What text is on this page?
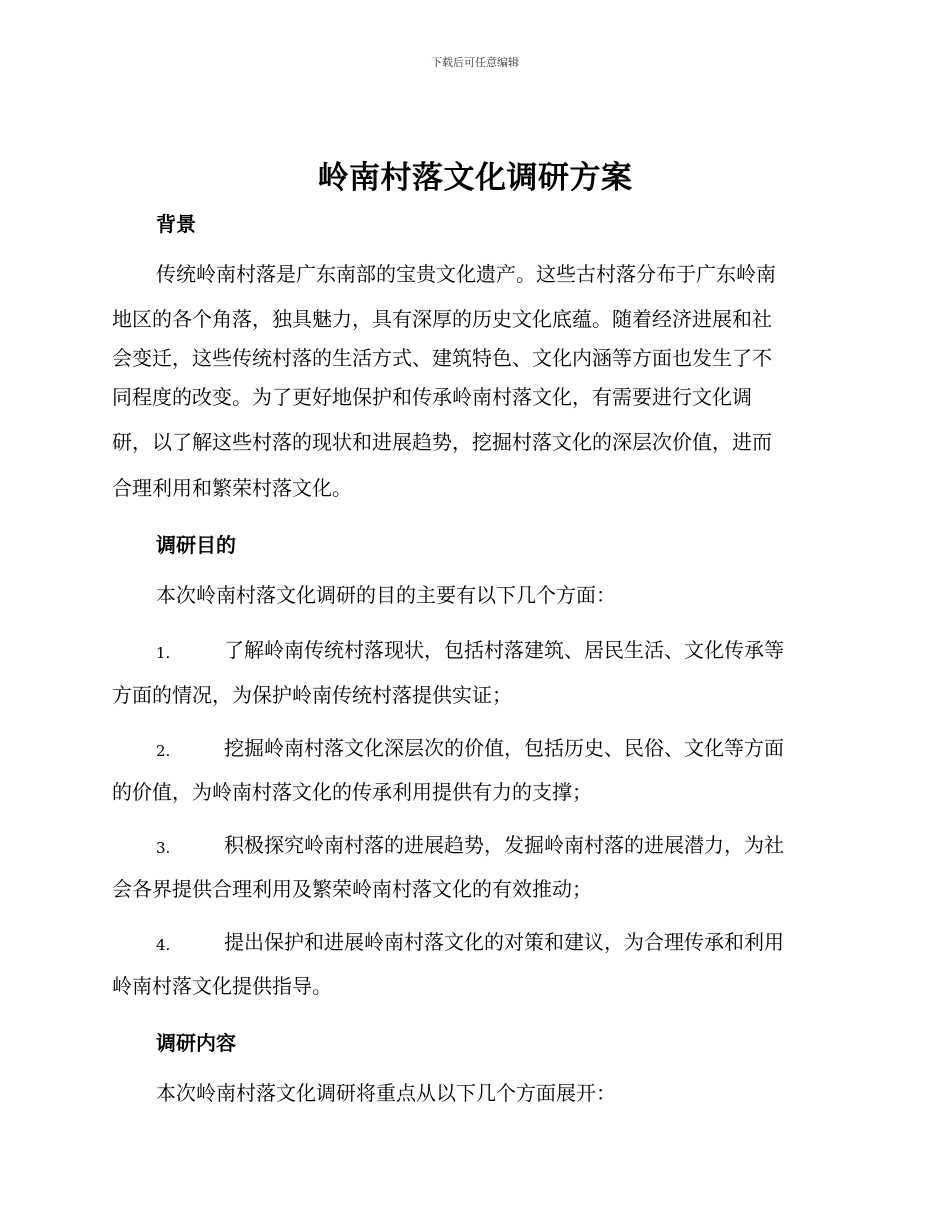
下载后可任意编辑
岭南村落文化调研方案
背景
传统岭南村落是广东南部的宝贵文化遗产。这些古村落分布于广东岭南
地区的各个角落，独具魅力，具有深厚的历史文化底蕴。随着经济进展和社
会变迁，这些传统村落的生活方式、建筑特色、文化内涵等方面也发生了不
同程度的改变。为了更好地保护和传承岭南村落文化，有需要进行文化调
研，以了解这些村落的现状和进展趋势，挖掘村落文化的深层次价值，进而
合理利用和繁荣村落文化。
调研目的
本次岭南村落文化调研的目的主要有以下几个方面：
1.	了解岭南传统村落现状，包括村落建筑、居民生活、文化传承等
方面的情况，为保护岭南传统村落提供实证；
2.	挖掘岭南村落文化深层次的价值，包括历史、民俗、文化等方面
的价值，为岭南村落文化的传承利用提供有力的支撑；
3.	积极探究岭南村落的进展趋势，发掘岭南村落的进展潜力，为社
会各界提供合理利用及繁荣岭南村落文化的有效推动；
4.	提出保护和进展岭南村落文化的对策和建议，为合理传承和利用
岭南村落文化提供指导。
调研内容
本次岭南村落文化调研将重点从以下几个方面展开：
